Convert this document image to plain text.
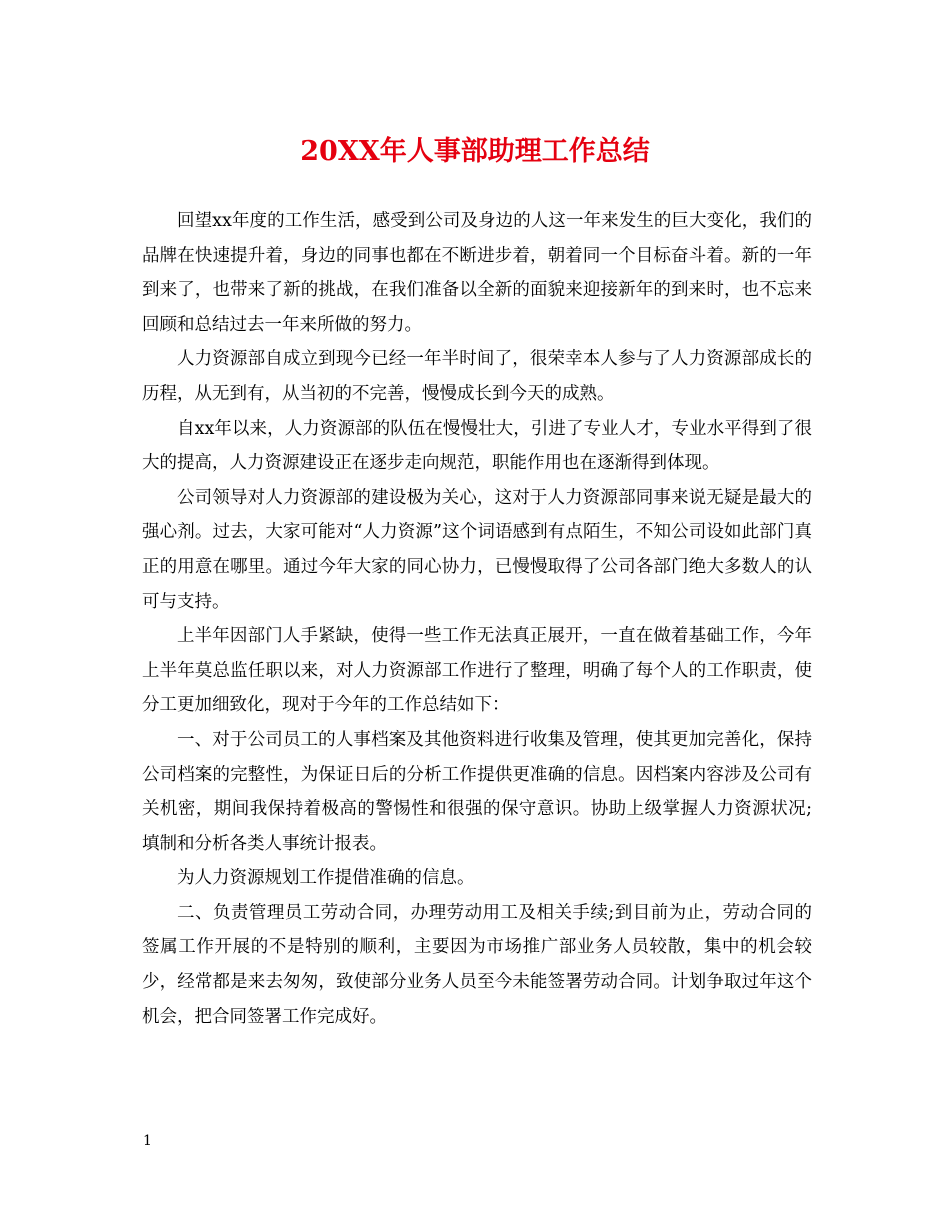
20XX年人事部助理工作总结

回望xx年度的工作生活，感受到公司及身边的人这一年来发生的巨大变化，我们的品牌在快速提升着，身边的同事也都在不断进步着，朝着同一个目标奋斗着。新的一年到来了，也带来了新的挑战，在我们准备以全新的面貌来迎接新年的到来时，也不忘来回顾和总结过去一年来所做的努力。

人力资源部自成立到现今已经一年半时间了，很荣幸本人参与了人力资源部成长的历程，从无到有，从当初的不完善，慢慢成长到今天的成熟。

自xx年以来，人力资源部的队伍在慢慢壮大，引进了专业人才，专业水平得到了很大的提高，人力资源建设正在逐步走向规范，职能作用也在逐渐得到体现。

公司领导对人力资源部的建设极为关心，这对于人力资源部同事来说无疑是最大的强心剂。过去，大家可能对“人力资源”这个词语感到有点陌生，不知公司设如此部门真正的用意在哪里。通过今年大家的同心协力，已慢慢取得了公司各部门绝大多数人的认可与支持。

上半年因部门人手紧缺，使得一些工作无法真正展开，一直在做着基础工作，今年上半年莫总监任职以来，对人力资源部工作进行了整理，明确了每个人的工作职责，使分工更加细致化，现对于今年的工作总结如下：

一、对于公司员工的人事档案及其他资料进行收集及管理，使其更加完善化，保持公司档案的完整性，为保证日后的分析工作提供更准确的信息。因档案内容涉及公司有关机密，期间我保持着极高的警惕性和很强的保守意识。协助上级掌握人力资源状况;填制和分析各类人事统计报表。

为人力资源规划工作提借准确的信息。

二、负责管理员工劳动合同，办理劳动用工及相关手续;到目前为止，劳动合同的签属工作开展的不是特别的顺利，主要因为市场推广部业务人员较散，集中的机会较少，经常都是来去匆匆，致使部分业务人员至今未能签署劳动合同。计划争取过年这个机会，把合同签署工作完成好。

1
